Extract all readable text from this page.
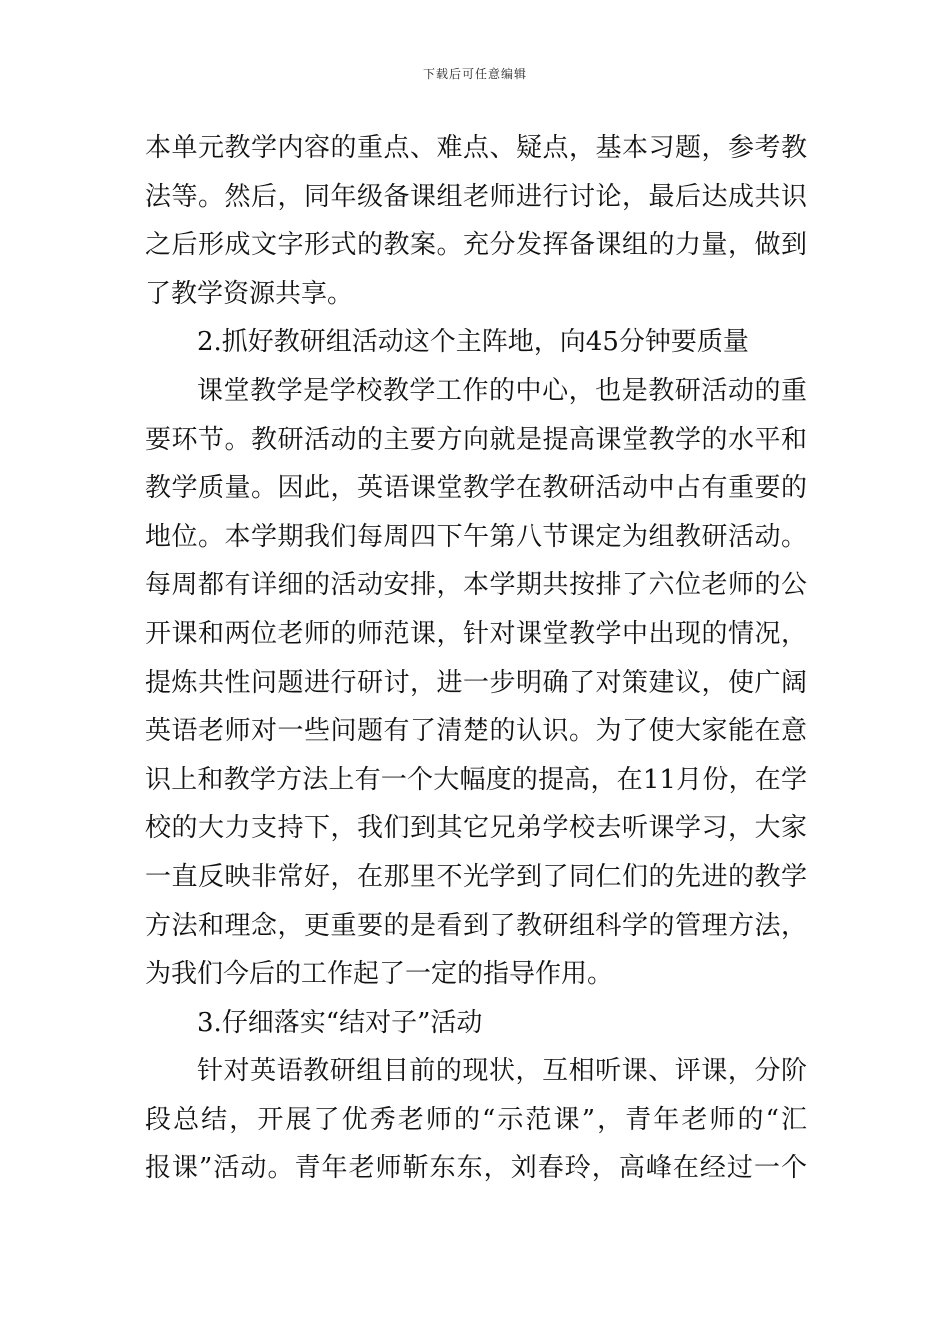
下载后可任意编辑
本单元教学内容的重点、难点、疑点，基本习题，参考教
法等。然后，同年级备课组老师进行讨论，最后达成共识
之后形成文字形式的教案。充分发挥备课组的力量，做到
了教学资源共享。
2.抓好教研组活动这个主阵地，向45分钟要质量
课堂教学是学校教学工作的中心，也是教研活动的重
要环节。教研活动的主要方向就是提高课堂教学的水平和
教学质量。因此，英语课堂教学在教研活动中占有重要的
地位。本学期我们每周四下午第八节课定为组教研活动。
每周都有详细的活动安排，本学期共按排了六位老师的公
开课和两位老师的师范课，针对课堂教学中出现的情况，
提炼共性问题进行研讨，进一步明确了对策建议，使广阔
英语老师对一些问题有了清楚的认识。为了使大家能在意
识上和教学方法上有一个大幅度的提高，在11月份，在学
校的大力支持下，我们到其它兄弟学校去听课学习，大家
一直反映非常好，在那里不光学到了同仁们的先进的教学
方法和理念，更重要的是看到了教研组科学的管理方法，
为我们今后的工作起了一定的指导作用。
3.仔细落实“结对子”活动
针对英语教研组目前的现状，互相听课、评课，分阶
段总结，开展了优秀老师的“示范课”，青年老师的“汇
报课”活动。青年老师靳东东，刘春玲，高峰在经过一个
